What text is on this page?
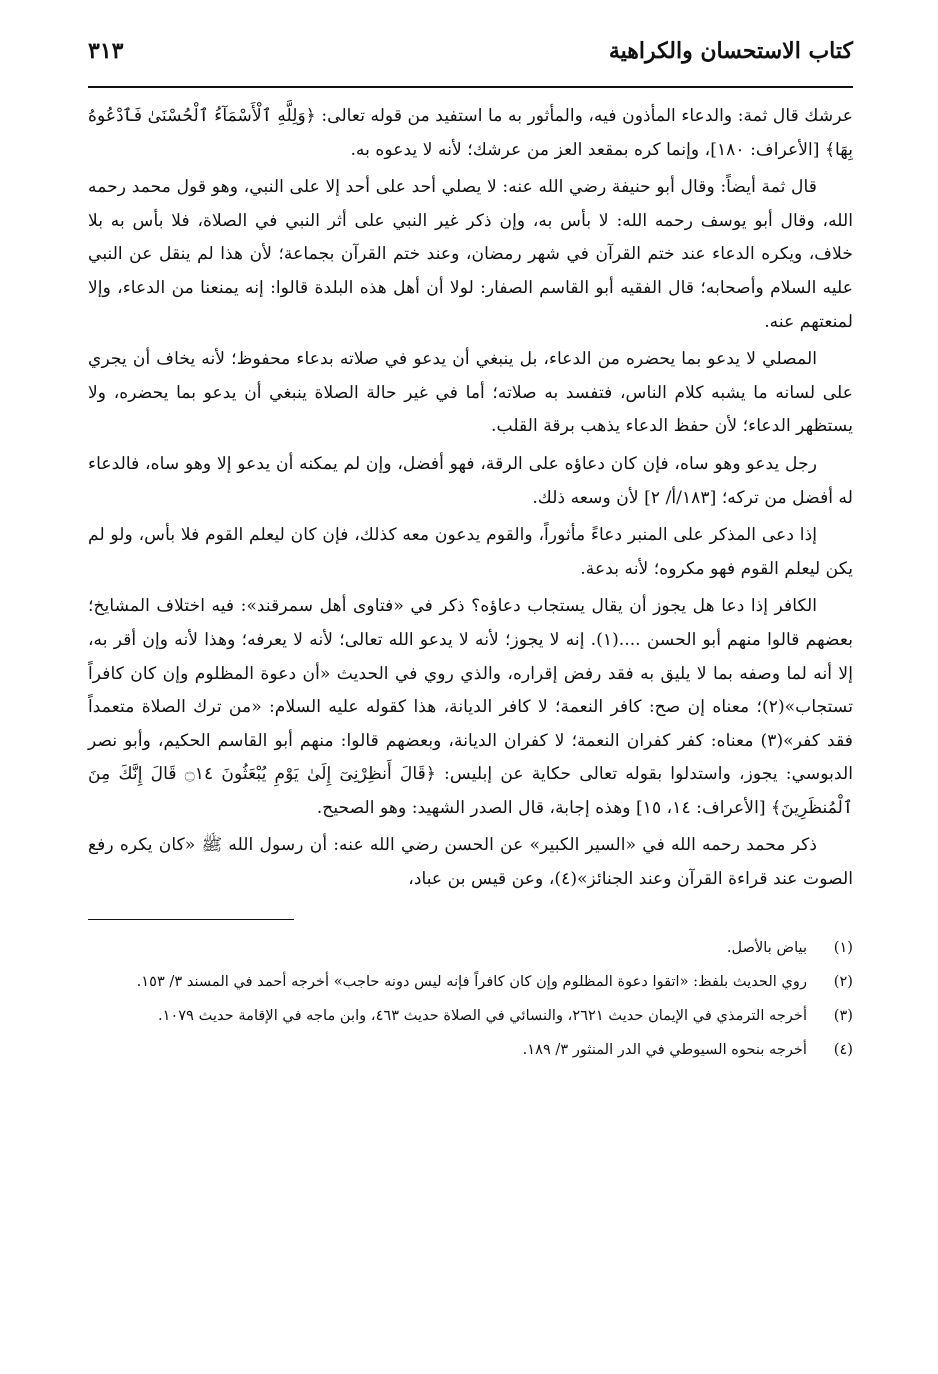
كتاب الاستحسان والكراهية
٣١٣

عرشك قال ثمة: والدعاء المأذون فيه، والمأثور به ما استفيد من قوله تعالى: ﴿وَلِلَّهِ ٱلْأَسْمَآءُ ٱلْحُسْنَىٰ فَٱدْعُوهُ بِهَا﴾ [الأعراف: ١٨٠]، وإنما كره بمقعد العز من عرشك؛ لأنه لا يدعوه به.

قال ثمة أيضاً: وقال أبو حنيفة رضي الله عنه: لا يصلي أحد على أحد إلا على النبي، وهو قول محمد رحمه الله، وقال أبو يوسف رحمه الله: لا بأس به، وإن ذكر غير النبي على أثر النبي في الصلاة، فلا بأس به بلا خلاف، ويكره الدعاء عند ختم القرآن في شهر رمضان، وعند ختم القرآن بجماعة؛ لأن هذا لم ينقل عن النبي عليه السلام وأصحابه؛ قال الفقيه أبو القاسم الصفار: لولا أن أهل هذه البلدة قالوا: إنه يمنعنا من الدعاء، وإلا لمنعتهم عنه.

المصلي لا يدعو بما يحضره من الدعاء، بل ينبغي أن يدعو في صلاته بدعاء محفوظ؛ لأنه يخاف أن يجري على لسانه ما يشبه كلام الناس، فتفسد به صلاته؛ أما في غير حالة الصلاة ينبغي أن يدعو بما يحضره، ولا يستظهر الدعاء؛ لأن حفظ الدعاء يذهب برقة القلب.

رجل يدعو وهو ساه، فإن كان دعاؤه على الرقة، فهو أفضل، وإن لم يمكنه أن يدعو إلا وهو ساه، فالدعاء له أفضل من تركه؛ [١٨٣/أ/ ٢] لأن وسعه ذلك.

إذا دعى المذكر على المنبر دعاءً مأثوراً، والقوم يدعون معه كذلك، فإن كان ليعلم القوم فلا بأس، ولو لم يكن ليعلم القوم فهو مكروه؛ لأنه بدعة.

الكافر إذا دعا هل يجوز أن يقال يستجاب دعاؤه؟ ذكر في «فتاوى أهل سمرقند»: فيه اختلاف المشايخ؛ بعضهم قالوا منهم أبو الحسن ....(١). إنه لا يجوز؛ لأنه لا يدعو الله تعالى؛ لأنه لا يعرفه؛ وهذا لأنه وإن أقر به، إلا أنه لما وصفه بما لا يليق به فقد رفض إقراره، والذي روي في الحديث «أن دعوة المظلوم وإن كان كافراً تستجاب»(٢)؛ معناه إن صح: كافر النعمة؛ لا كافر الديانة، هذا كقوله عليه السلام: «من ترك الصلاة متعمداً فقد كفر»(٣) معناه: كفر كفران النعمة؛ لا كفران الديانة، وبعضهم قالوا: منهم أبو القاسم الحكيم، وأبو نصر الدبوسي: يجوز، واستدلوا بقوله تعالى حكاية عن إبليس: ﴿قَالَ أَنظِرْنِىٓ إِلَىٰ يَوْمِ يُبْعَثُونَ ۝١٤ قَالَ إِنَّكَ مِنَ ٱلْمُنظَرِينَ﴾ [الأعراف: ١٤، ١٥] وهذه إجابة، قال الصدر الشهيد: وهو الصحيح.

ذكر محمد رحمه الله في «السير الكبير» عن الحسن رضي الله عنه: أن رسول الله ﷺ «كان يكره رفع الصوت عند قراءة القرآن وعند الجنائز»(٤)، وعن قيس بن عباد،

(١)
بياض بالأصل.
(٢)
روي الحديث بلفظ: «اتقوا دعوة المظلوم وإن كان كافراً فإنه ليس دونه حاجب» أخرجه أحمد في المسند ٣/ ١٥٣.
(٣)
أخرجه الترمذي في الإيمان حديث ٢٦٢١، والنسائي في الصلاة حديث ٤٦٣، وابن ماجه في الإقامة حديث ١٠٧٩.
(٤)
أخرجه بنحوه السيوطي في الدر المنثور ٣/ ١٨٩.
